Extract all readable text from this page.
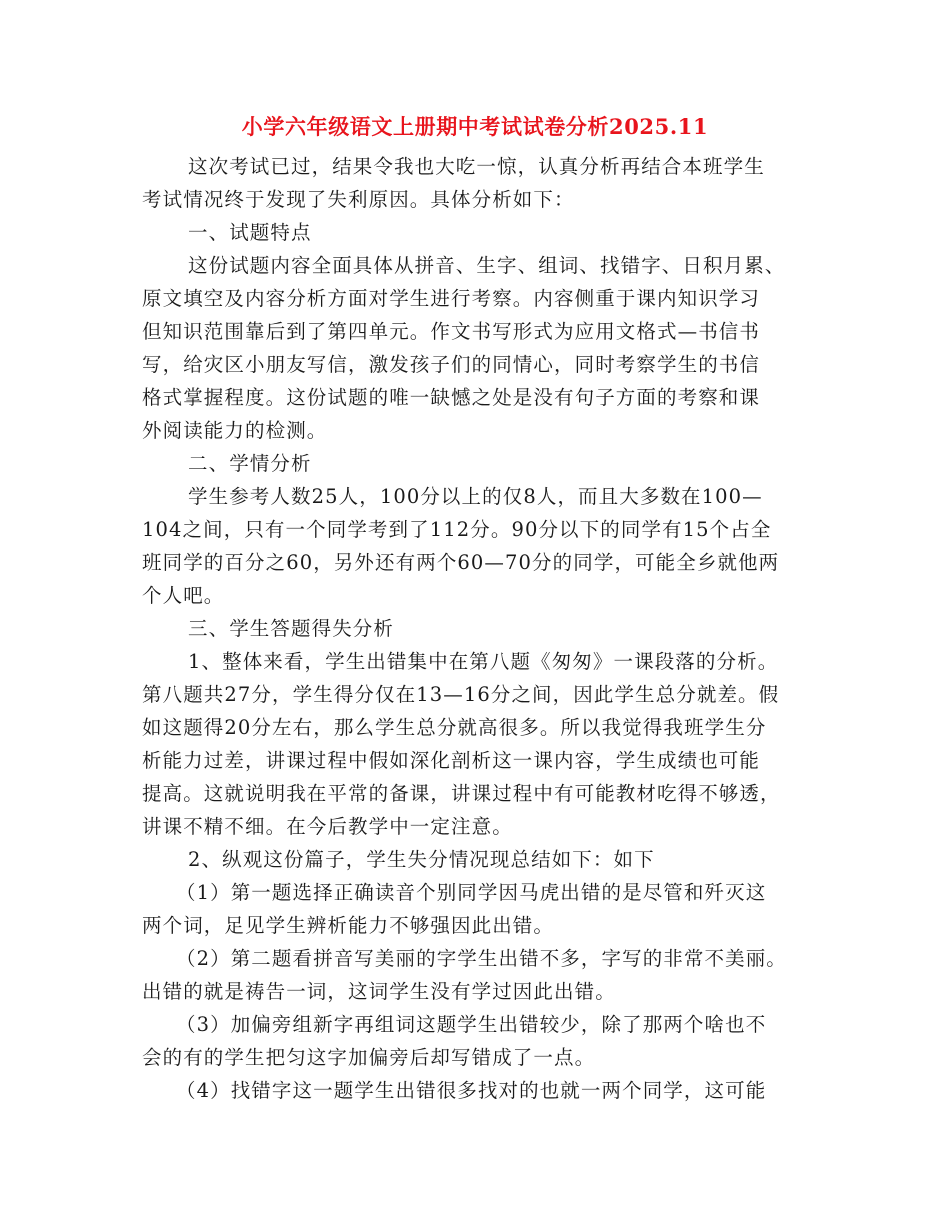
小学六年级语文上册期中考试试卷分析2025.11
这次考试已过，结果令我也大吃一惊，认真分析再结合本班学生
考试情况终于发现了失利原因。具体分析如下：
一、试题特点
这份试题内容全面具体从拼音、生字、组词、找错字、日积月累、
原文填空及内容分析方面对学生进行考察。内容侧重于课内知识学习
但知识范围靠后到了第四单元。作文书写形式为应用文格式—书信书
写，给灾区小朋友写信，激发孩子们的同情心，同时考察学生的书信
格式掌握程度。这份试题的唯一缺憾之处是没有句子方面的考察和课
外阅读能力的检测。
二、学情分析
学生参考人数25人，100分以上的仅8人，而且大多数在100—
104之间，只有一个同学考到了112分。90分以下的同学有15个占全
班同学的百分之60，另外还有两个60—70分的同学，可能全乡就他两
个人吧。
三、学生答题得失分析
1、整体来看，学生出错集中在第八题《匆匆》一课段落的分析。
第八题共27分，学生得分仅在13—16分之间，因此学生总分就差。假
如这题得20分左右，那么学生总分就高很多。所以我觉得我班学生分
析能力过差，讲课过程中假如深化剖析这一课内容，学生成绩也可能
提高。这就说明我在平常的备课，讲课过程中有可能教材吃得不够透，
讲课不精不细。在今后教学中一定注意。
2、纵观这份篇子，学生失分情况现总结如下：如下
（1）第一题选择正确读音个别同学因马虎出错的是尽管和歼灭这
两个词，足见学生辨析能力不够强因此出错。
（2）第二题看拼音写美丽的字学生出错不多，字写的非常不美丽。
出错的就是祷告一词，这词学生没有学过因此出错。
（3）加偏旁组新字再组词这题学生出错较少，除了那两个啥也不
会的有的学生把匀这字加偏旁后却写错成了一点。
（4）找错字这一题学生出错很多找对的也就一两个同学，这可能
